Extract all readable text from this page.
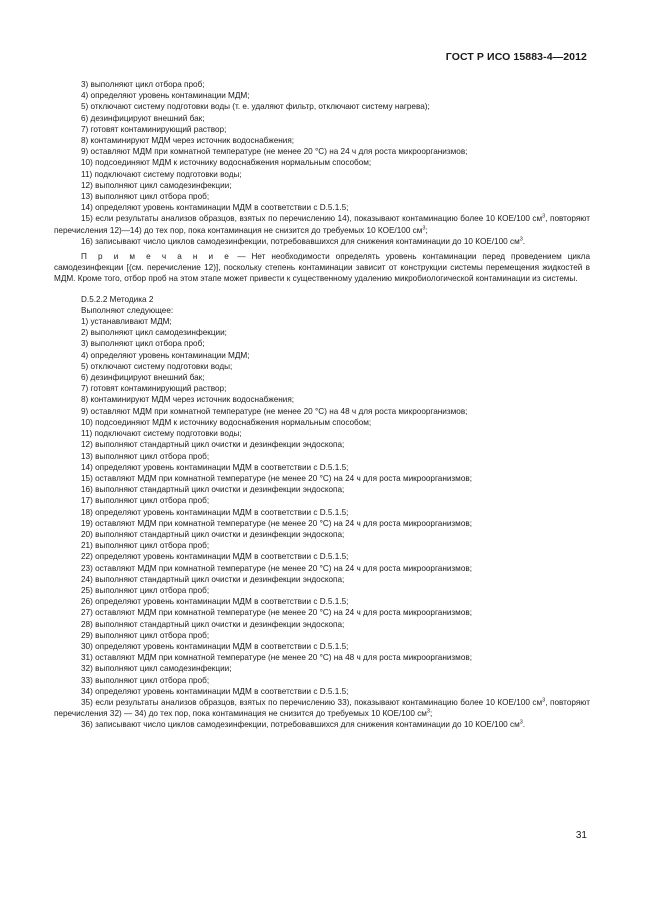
ГОСТ Р ИСО 15883-4—2012

3) выполняют цикл отбора проб;

4) определяют уровень контаминации МДМ;

5) отключают систему подготовки воды (т. е. удаляют фильтр, отключают систему нагрева);

6) дезинфицируют внешний бак;

7) готовят контаминирующий раствор;

8) контаминируют МДМ через источник водоснабжения;

9) оставляют МДМ при комнатной температуре (не менее 20 °С) на 24 ч для роста микроорганизмов;

10) подсоединяют МДМ к источнику водоснабжения нормальным способом;

11) подключают систему подготовки воды;

12) выполняют цикл самодезинфекции;

13) выполняют цикл отбора проб;

14) определяют уровень контаминации МДМ в соответствии с D.5.1.5;

15) если результаты анализов образцов, взятых по перечислению 14), показывают контаминацию более 10 КОЕ/100 $см^3$, повторяют перечисления 12)—14) до тех пор, пока контаминация не снизится до требуемых 10 КОЕ/100 $см^3$;

16) записывают число циклов самодезинфекции, потребовавшихся для снижения контаминации до 10 КОЕ/100 $см^3$.

П р и м е ч а н и е — Нет необходимости определять уровень контаминации перед проведением цикла самодезинфекции [(см. перечисление 12)], поскольку степень контаминации зависит от конструкции системы перемещения жидкостей в МДМ. Кроме того, отбор проб на этом этапе может привести к существенному удалению микробиологической контаминации из системы.

D.5.2.2 Методика 2

Выполняют следующее:

1) устанавливают МДМ;

2) выполняют цикл самодезинфекции;

3) выполняют цикл отбора проб;

4) определяют уровень контаминации МДМ;

5) отключают систему подготовки воды;

6) дезинфицируют внешний бак;

7) готовят контаминирующий раствор;

8) контаминируют МДМ через источник водоснабжения;

9) оставляют МДМ при комнатной температуре (не менее 20 °С) на 48 ч для роста микроорганизмов;

10) подсоединяют МДМ к источнику водоснабжения нормальным способом;

11) подключают систему подготовки воды;

12) выполняют стандартный цикл очистки и дезинфекции эндоскопа;

13) выполняют цикл отбора проб;

14) определяют уровень контаминации МДМ в соответствии с D.5.1.5;

15) оставляют МДМ при комнатной температуре (не менее 20 °С) на 24 ч для роста микроорганизмов;

16) выполняют стандартный цикл очистки и дезинфекции эндоскопа;

17) выполняют цикл отбора проб;

18) определяют уровень контаминации МДМ в соответствии с D.5.1.5;

19) оставляют МДМ при комнатной температуре (не менее 20 °С) на 24 ч для роста микроорганизмов;

20) выполняют стандартный цикл очистки и дезинфекции эндоскопа;

21) выполняют цикл отбора проб;

22) определяют уровень контаминации МДМ в соответствии с D.5.1.5;

23) оставляют МДМ при комнатной температуре (не менее 20 °С) на 24 ч для роста микроорганизмов;

24) выполняют стандартный цикл очистки и дезинфекции эндоскопа;

25) выполняют цикл отбора проб;

26) определяют уровень контаминации МДМ в соответствии с D.5.1.5;

27) оставляют МДМ при комнатной температуре (не менее 20 °С) на 24 ч для роста микроорганизмов;

28) выполняют стандартный цикл очистки и дезинфекции эндоскопа;

29) выполняют цикл отбора проб;

30) определяют уровень контаминации МДМ в соответствии с D.5.1.5;

31) оставляют МДМ при комнатной температуре (не менее 20 °С) на 48 ч для роста микроорганизмов;

32) выполняют цикл самодезинфекции;

33) выполняют цикл отбора проб;

34) определяют уровень контаминации МДМ в соответствии с D.5.1.5;

35) если результаты анализов образцов, взятых по перечислению 33), показывают контаминацию более 10 КОЕ/100 $см^3$, повторяют перечисления 32) — 34) до тех пор, пока контаминация не снизится до требуемых 10 КОЕ/100 $см^3$;

36) записывают число циклов самодезинфекции, потребовавшихся для снижения контаминации до 10 КОЕ/100 $см^3$.

31
